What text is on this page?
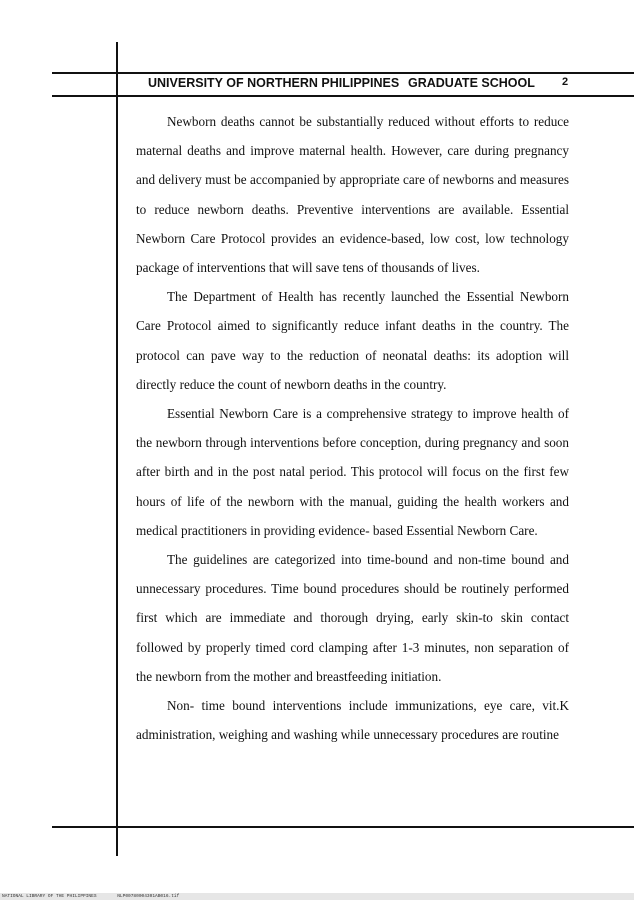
UNIVERSITY OF NORTHERN PHILIPPINES GRADUATE SCHOOL 2

Newborn deaths cannot be substantially reduced without efforts to reduce maternal deaths and improve maternal health. However, care during pregnancy and delivery must be accompanied by appropriate care of newborns and measures to reduce newborn deaths. Preventive interventions are available. Essential Newborn Care Protocol provides an evidence-based, low cost, low technology package of interventions that will save tens of thousands of lives.

The Department of Health has recently launched the Essential Newborn Care Protocol aimed to significantly reduce infant deaths in the country. The protocol can pave way to the reduction of neonatal deaths: its adoption will directly reduce the count of newborn deaths in the country.

Essential Newborn Care is a comprehensive strategy to improve health of the newborn through interventions before conception, during pregnancy and soon after birth and in the post natal period. This protocol will focus on the first few hours of life of the newborn with the manual, guiding the health workers and medical practitioners in providing evidence- based Essential Newborn Care.

The guidelines are categorized into time-bound and non-time bound and unnecessary procedures. Time bound procedures should be routinely performed first which are immediate and thorough drying, early skin-to skin contact followed by properly timed cord clamping after 1-3 minutes, non separation of the newborn from the mother and breastfeeding initiation.

Non- time bound interventions include immunizations, eye care, vit.K administration, weighing and washing while unnecessary procedures are routine

NATIONAL LIBRARY OF THE PHILIPPINES	NLP00780004301AB016.tif
